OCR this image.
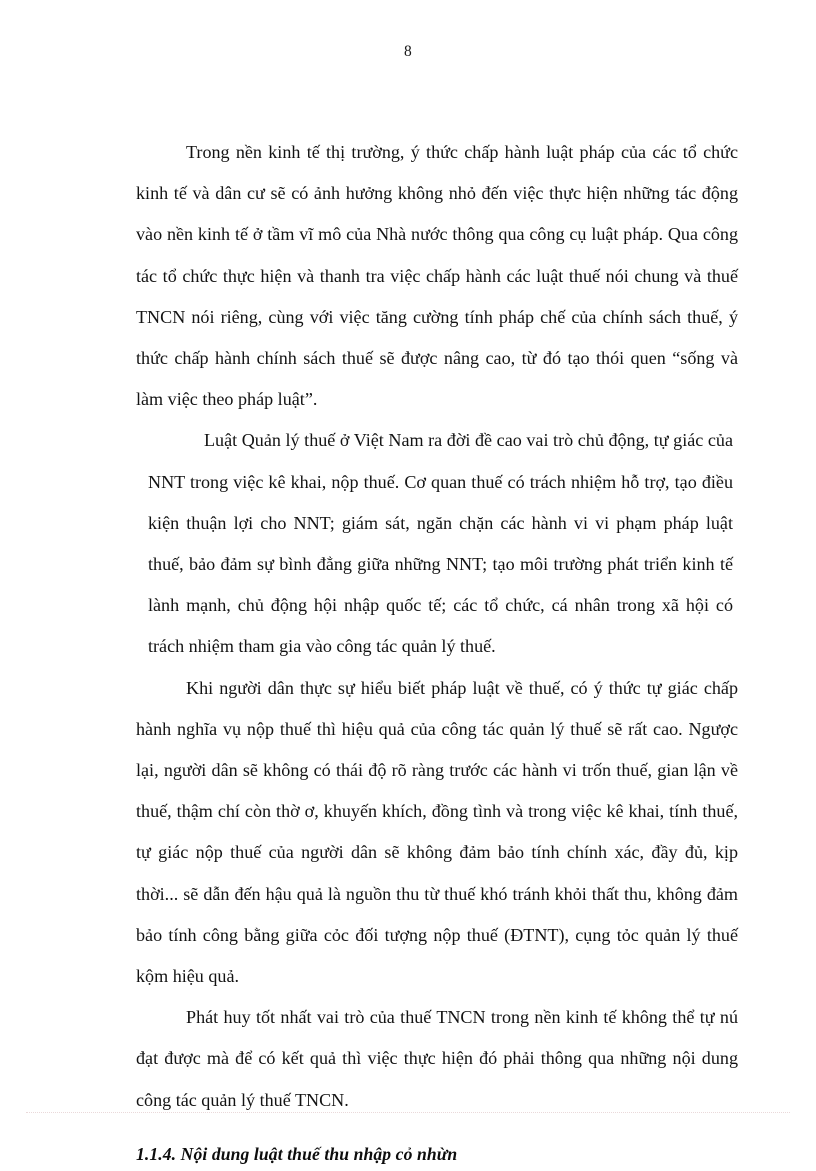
8

Trong nền kinh tế thị trường, ý thức chấp hành luật pháp của các tổ chức kinh tế và dân cư sẽ có ảnh hưởng không nhỏ đến việc thực hiện những tác động vào nền kinh tế ở tầm vĩ mô của Nhà nước thông qua công cụ luật pháp. Qua công tác tổ chức thực hiện và thanh tra việc chấp hành các luật thuế nói chung và thuế TNCN nói riêng, cùng với việc tăng cường tính pháp chế của chính sách thuế, ý thức chấp hành chính sách thuế sẽ được nâng cao, từ đó tạo thói quen “sống và làm việc theo pháp luật”.

Luật Quản lý thuế ở Việt Nam ra đời đề cao vai trò chủ động, tự giác của NNT trong việc kê khai, nộp thuế. Cơ quan thuế có trách nhiệm hỗ trợ, tạo điều kiện thuận lợi cho NNT; giám sát, ngăn chặn các hành vi vi phạm pháp luật thuế, bảo đảm sự bình đẳng giữa những NNT; tạo môi trường phát triển kinh tế lành mạnh, chủ động hội nhập quốc tế; các tổ chức, cá nhân trong xã hội có trách nhiệm tham gia vào công tác quản lý thuế.

Khi người dân thực sự hiểu biết pháp luật về thuế, có ý thức tự giác chấp hành nghĩa vụ nộp thuế thì hiệu quả của công tác quản lý thuế sẽ rất cao. Ngược lại, người dân sẽ không có thái độ rõ ràng trước các hành vi trốn thuế, gian lận về thuế, thậm chí còn thờ ơ, khuyến khích, đồng tình và trong việc kê khai, tính thuế, tự giác nộp thuế của người dân sẽ không đảm bảo tính chính xác, đầy đủ, kịp thời... sẽ dẫn đến hậu quả là nguồn thu từ thuế khó tránh khỏi thất thu, không đảm bảo tính công bằng giữa cỏc đối tượng nộp thuế (ĐTNT), cụng tỏc quản lý thuế kộm hiệu quả.

Phát huy tốt nhất vai trò của thuế TNCN trong nền kinh tế không thể tự nú đạt được mà để có kết quả thì việc thực hiện đó phải thông qua những nội dung công tác quản lý thuế TNCN.

1.1.4. Nội dung luật thuế thu nhập cỏ nhừn
